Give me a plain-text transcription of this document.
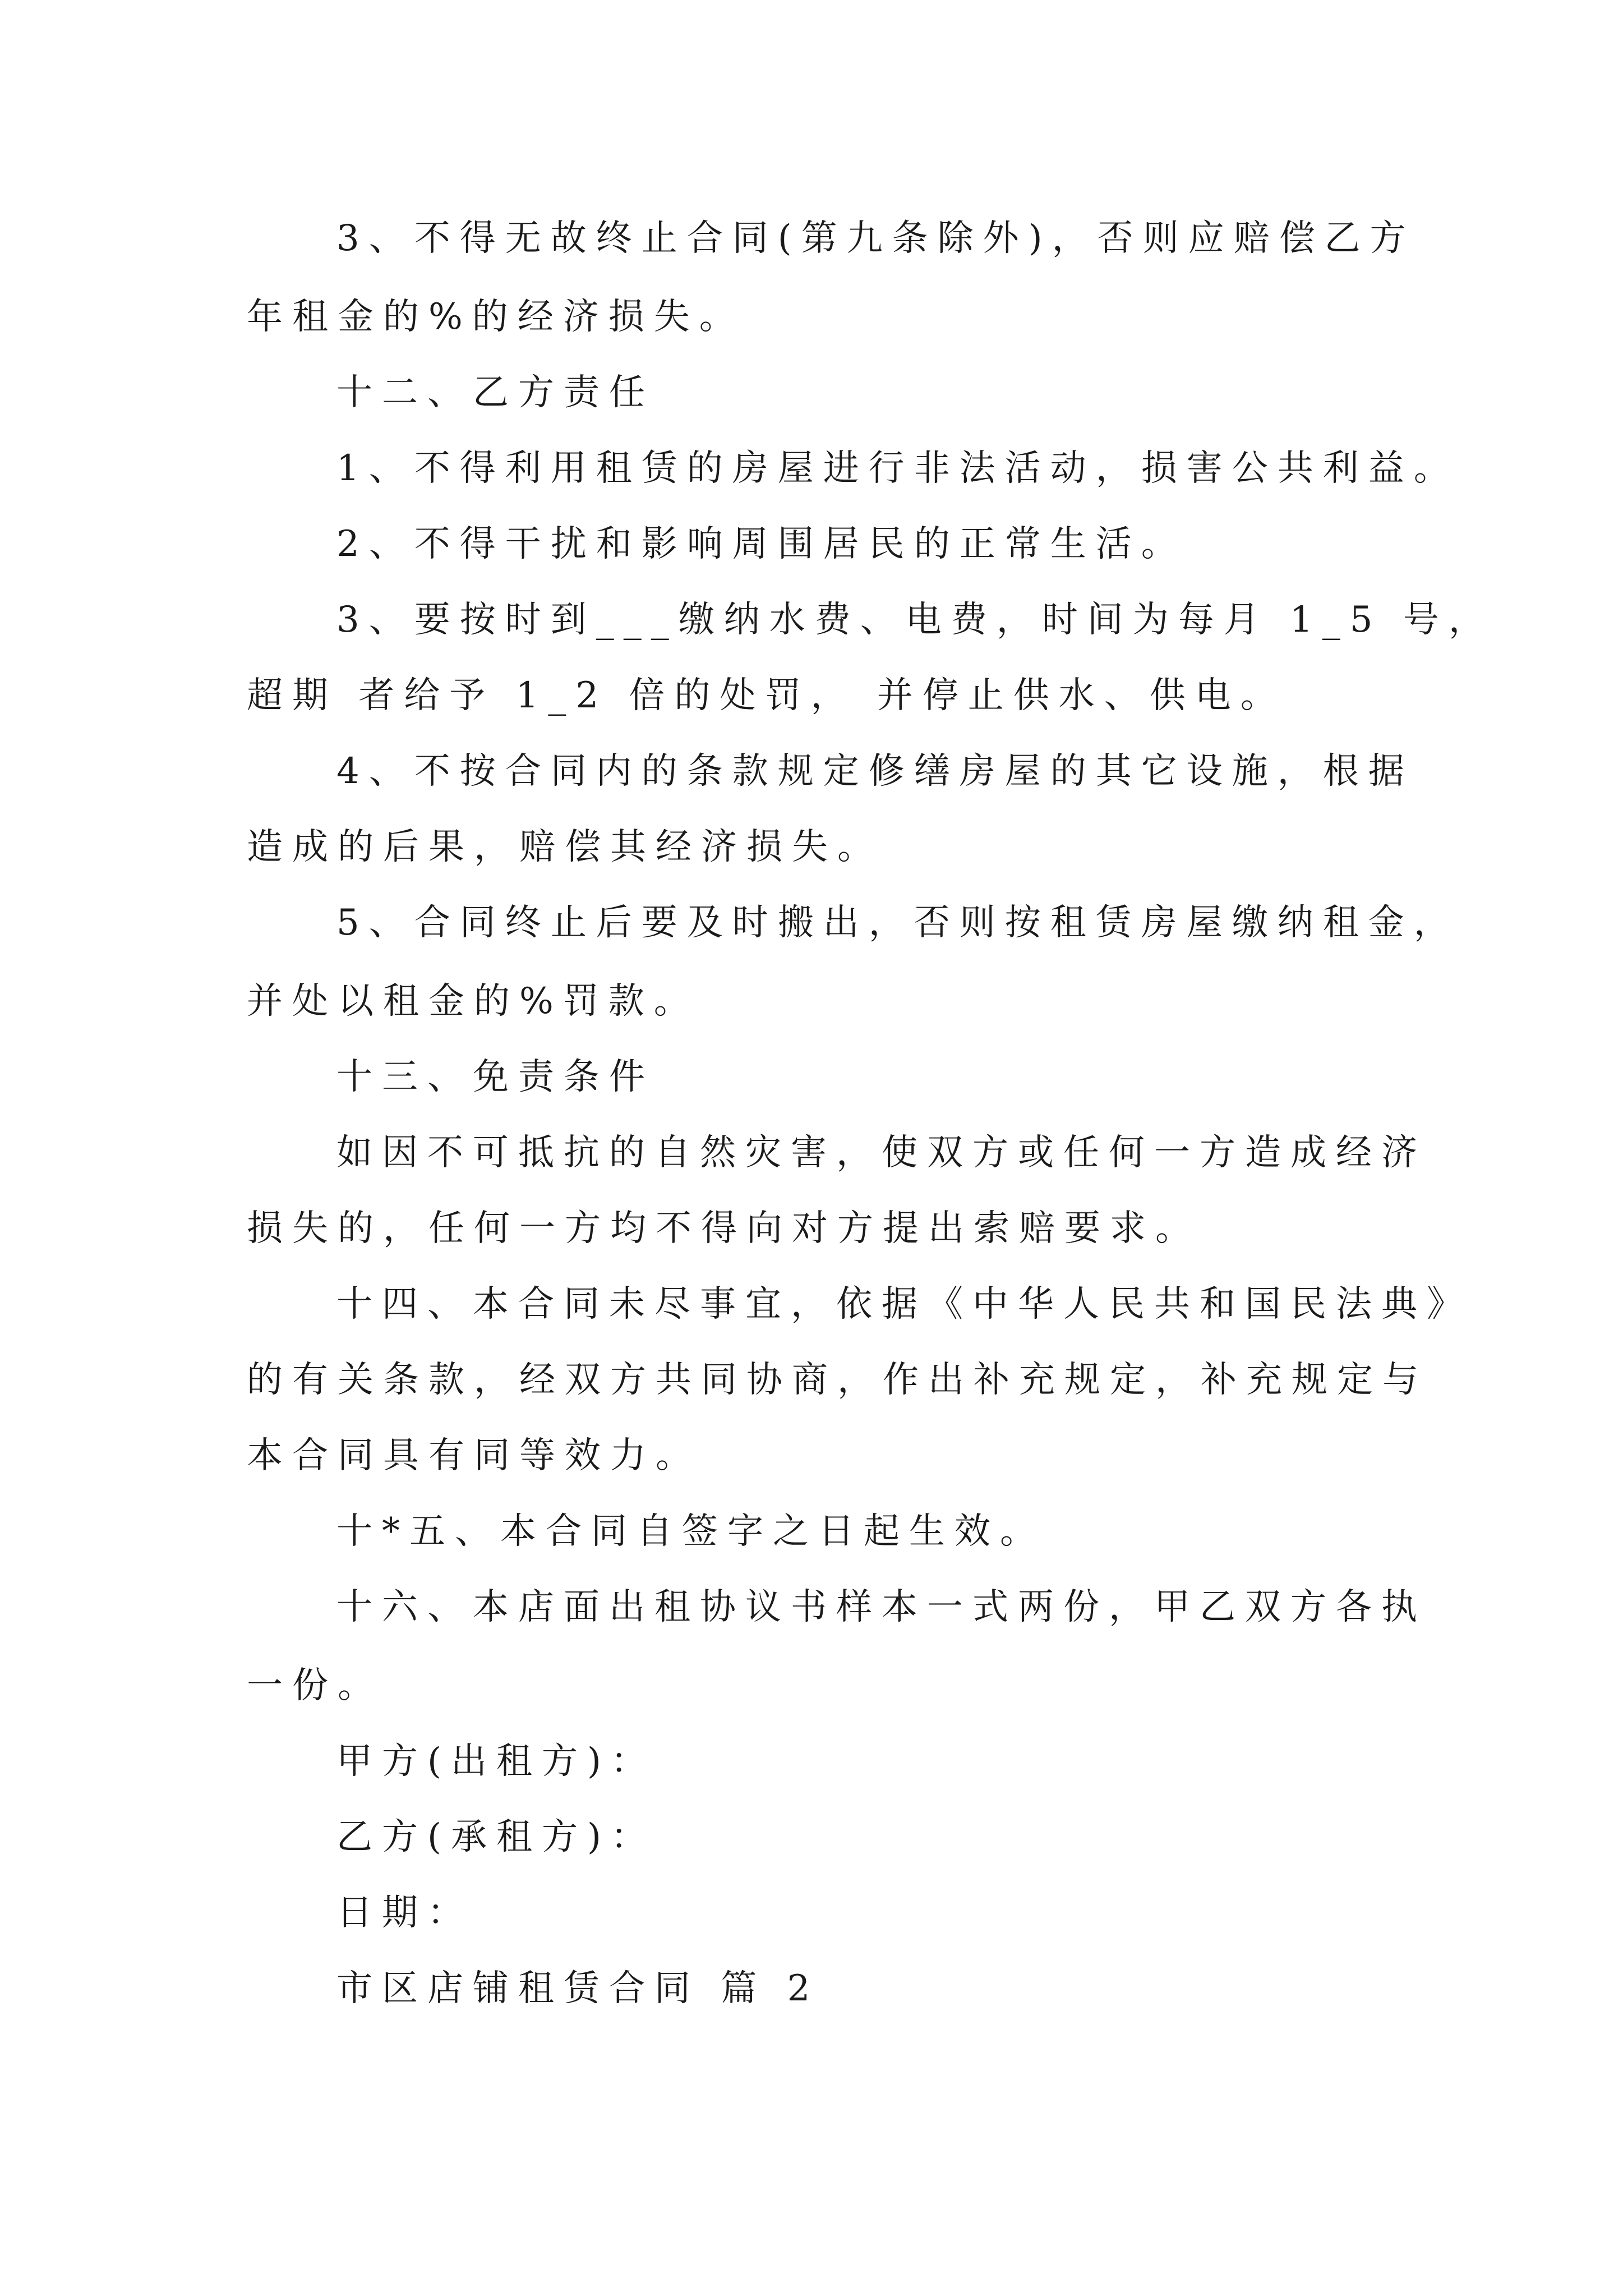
3、不得无故终止合同(第九条除外)，否则应赔偿乙方

年租金的%的经济损失。

十二、乙方责任

1、不得利用租赁的房屋进行非法活动，损害公共利益。

2、不得干扰和影响周围居民的正常生活。

3、要按时到___缴纳水费、电费，时间为每月 1_5 号，

超期 者给予 1_2 倍的处罚， 并停止供水、供电。

4、不按合同内的条款规定修缮房屋的其它设施，根据

造成的后果，赔偿其经济损失。

5、合同终止后要及时搬出，否则按租赁房屋缴纳租金，

并处以租金的%罚款。

十三、免责条件

如因不可抵抗的自然灾害，使双方或任何一方造成经济

损失的，任何一方均不得向对方提出索赔要求。

十四、本合同未尽事宜，依据《中华人民共和国民法典》

的有关条款，经双方共同协商，作出补充规定，补充规定与

本合同具有同等效力。

十*五、本合同自签字之日起生效。

十六、本店面出租协议书样本一式两份，甲乙双方各执

一份。

甲方(出租方)：

乙方(承租方)：

日期：

市区店铺租赁合同 篇 2
